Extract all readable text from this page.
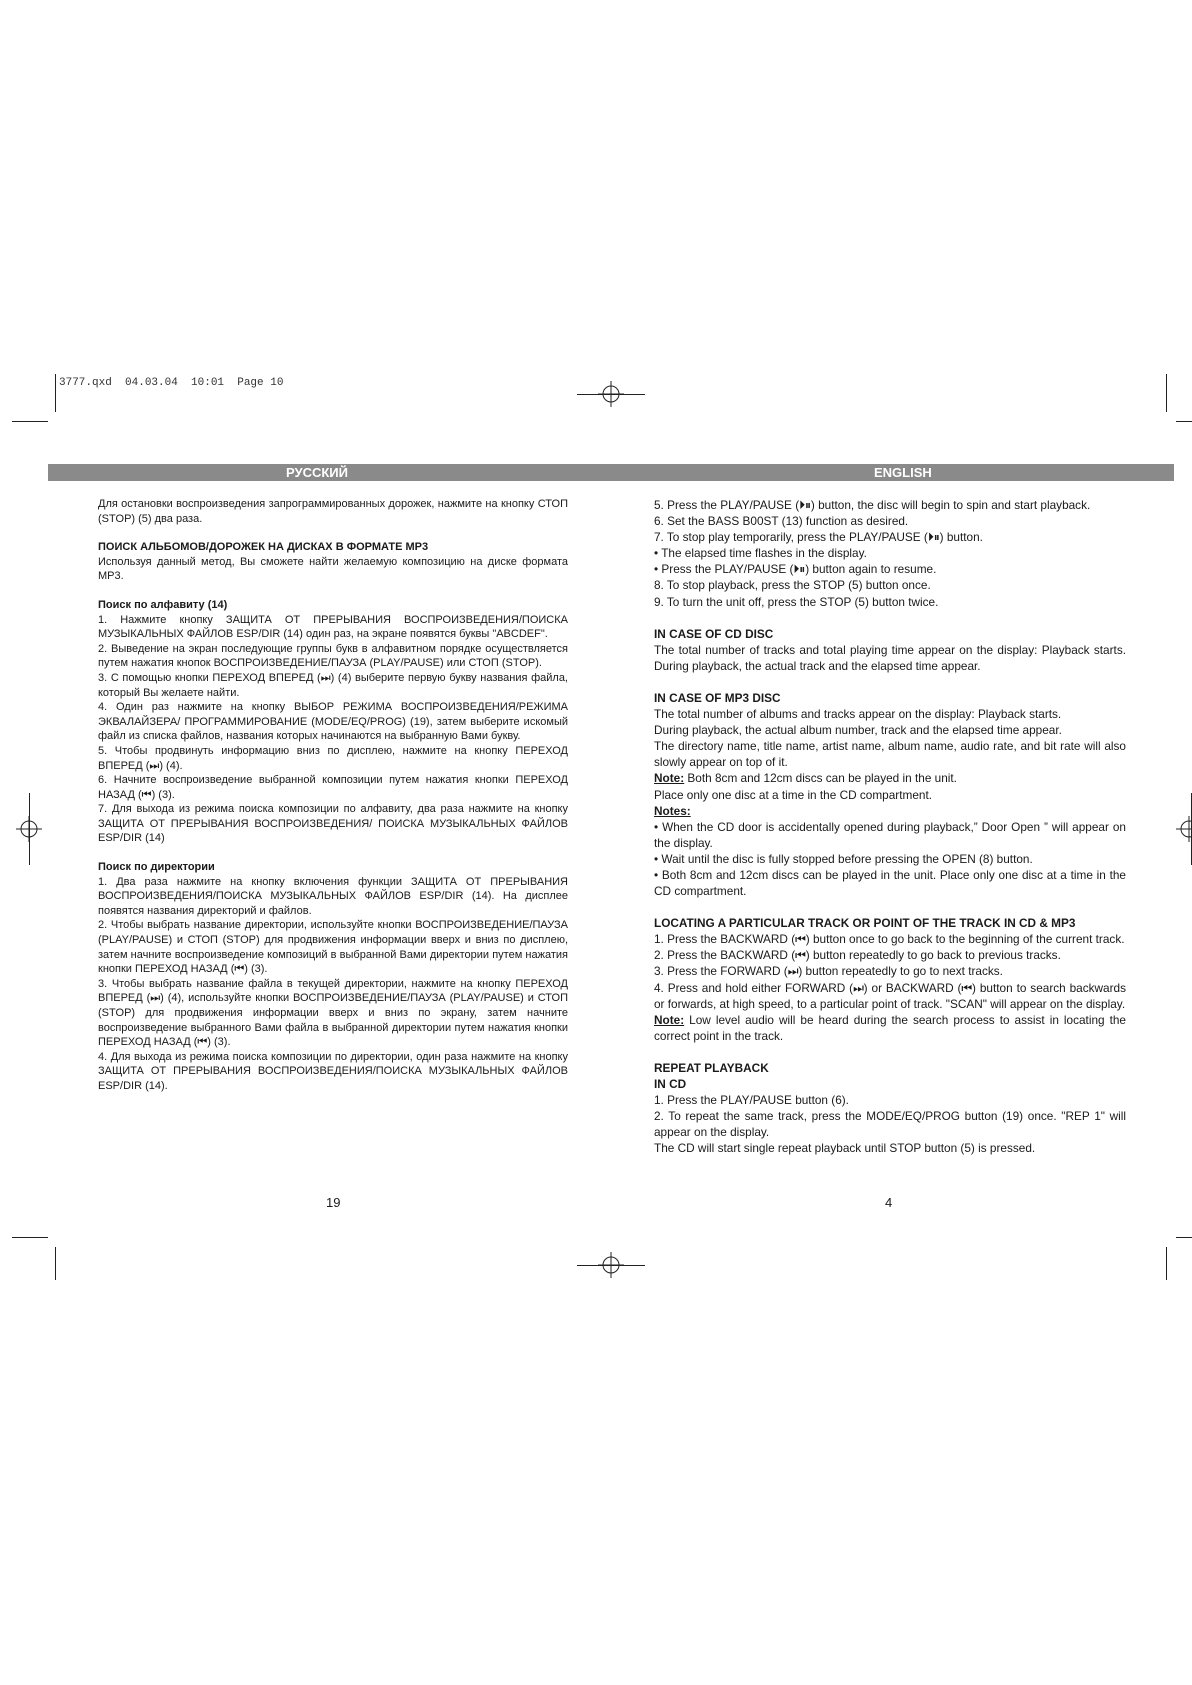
3777.qxd  04.03.04  10:01  Page 10
РУССКИЙ	ENGLISH

Для остановки воспроизведения запрограммированных дорожек, нажмите на кнопку СТОП (STOP) (5) два раза.

ПОИСК АЛЬБОМОВ/ДОРОЖЕК НА ДИСКАХ В ФОРМАТЕ MP3

Используя данный метод, Вы сможете найти желаемую композицию на диске формата MP3.

Поиск по алфавиту (14)

1. Нажмите кнопку ЗАЩИТА ОТ ПРЕРЫВАНИЯ ВОСПРОИЗВЕДЕНИЯ/ПОИСКА МУЗЫКАЛЬНЫХ ФАЙЛОВ ESP/DIR (14) один раз, на экране появятся буквы "ABCDEF".

2. Выведение на экран последующие группы букв в алфавитном порядке осуществляется путем нажатия кнопок ВОСПРОИЗВЕДЕНИЕ/ПАУЗА (PLAY/PAUSE) или СТОП (STOP).

3. С помощью кнопки ПЕРЕХОД ВПЕРЕД (⏭) (4) выберите первую букву названия файла, который Вы желаете найти.

4. Один раз нажмите на кнопку ВЫБОР РЕЖИМА ВОСПРОИЗВЕДЕНИЯ/РЕЖИМА ЭКВАЛАЙЗЕРА/ ПРОГРАММИРОВАНИЕ (MODE/EQ/PROG) (19), затем выберите искомый файл из списка файлов, названия которых начинаются на выбранную Вами букву.

5. Чтобы продвинуть информацию вниз по дисплею, нажмите на кнопку ПЕРЕХОД ВПЕРЕД (⏭) (4).

6. Начните воспроизведение выбранной композиции путем нажатия кнопки ПЕРЕХОД НАЗАД (⏮) (3).

7. Для выхода из режима поиска композиции по алфавиту, два раза нажмите на кнопку ЗАЩИТА ОТ ПРЕРЫВАНИЯ ВОСПРОИЗВЕДЕНИЯ/ ПОИСКА МУЗЫКАЛЬНЫХ ФАЙЛОВ ESP/DIR (14)

Поиск по директории

1. Два раза нажмите на кнопку включения функции ЗАЩИТА ОТ ПРЕРЫВАНИЯ ВОСПРОИЗВЕДЕНИЯ/ПОИСКА МУЗЫКАЛЬНЫХ ФАЙЛОВ ESP/DIR (14). На дисплее появятся названия директорий и файлов.

2. Чтобы выбрать название директории, используйте кнопки ВОСПРОИЗВЕДЕНИЕ/ПАУЗА (PLAY/PAUSE) и СТОП (STOP) для продвижения информации вверх и вниз по дисплею, затем начните воспроизведение композиций в выбранной Вами директории путем нажатия кнопки ПЕРЕХОД НАЗАД (⏮) (3).

3. Чтобы выбрать название файла в текущей директории, нажмите на кнопку ПЕРЕХОД ВПЕРЕД (⏭) (4), используйте кнопки ВОСПРОИЗВЕДЕНИЕ/ПАУЗА (PLAY/PAUSE) и СТОП (STOP) для продвижения информации вверх и вниз по экрану, затем начните воспроизведение выбранного Вами файла в выбранной директории путем нажатия кнопки ПЕРЕХОД НАЗАД (⏮) (3).

4. Для выхода из режима поиска композиции по директории, один раза нажмите на кнопку ЗАЩИТА ОТ ПРЕРЫВАНИЯ ВОСПРОИЗВЕДЕНИЯ/ПОИСКА МУЗЫКАЛЬНЫХ ФАЙЛОВ ESP/DIR (14).

5. Press the PLAY/PAUSE (⏵⏸) button, the disc will begin to spin and start playback.

6. Set the BASS B00ST (13) function as desired.

7. To stop play temporarily, press the PLAY/PAUSE (⏵⏸) button.

• The elapsed time flashes in the display.

• Press the PLAY/PAUSE (⏵⏸) button again to resume.

8. To stop playback, press the STOP (5) button once.

9. To turn the unit off, press the STOP (5) button twice.

IN CASE OF CD DISC

The total number of tracks and total playing time appear on the display: Playback starts. During playback, the actual track and the elapsed time appear.

IN CASE OF MP3 DISC

The total number of albums and tracks appear on the display: Playback starts.

During playback, the actual album number, track and the elapsed time appear.

The directory name, title name, artist name, album name, audio rate, and bit rate will also slowly appear on top of it.

Note: Both 8cm and 12cm discs can be played in the unit.

Place only one disc at a time in the CD compartment.

Notes:

• When the CD door is accidentally opened during playback,” Door Open ” will appear on the display.

• Wait until the disc is fully stopped before pressing the OPEN (8) button.

• Both 8cm and 12cm discs can be played in the unit. Place only one disc at a time in the CD compartment.

LOCATING A PARTICULAR TRACK OR POINT OF THE TRACK IN CD & MP3

1. Press the BACKWARD (⏮) button once to go back to the beginning of the current track.

2. Press the BACKWARD (⏮) button repeatedly to go back to previous tracks.

3. Press the FORWARD (⏭) button repeatedly to go to next tracks.

4. Press and hold either FORWARD (⏭) or BACKWARD (⏮) button to search backwards or forwards, at high speed, to a particular point of track. "SCAN" will appear on the display.

Note: Low level audio will be heard during the search process to assist in locating the correct point in the track.

REPEAT PLAYBACK

IN CD

1. Press the PLAY/PAUSE button (6).

2. To repeat the same track, press the MODE/EQ/PROG button (19) once. "REP 1" will appear on the display.

The CD will start single repeat playback until STOP button (5) is pressed.

19	4
